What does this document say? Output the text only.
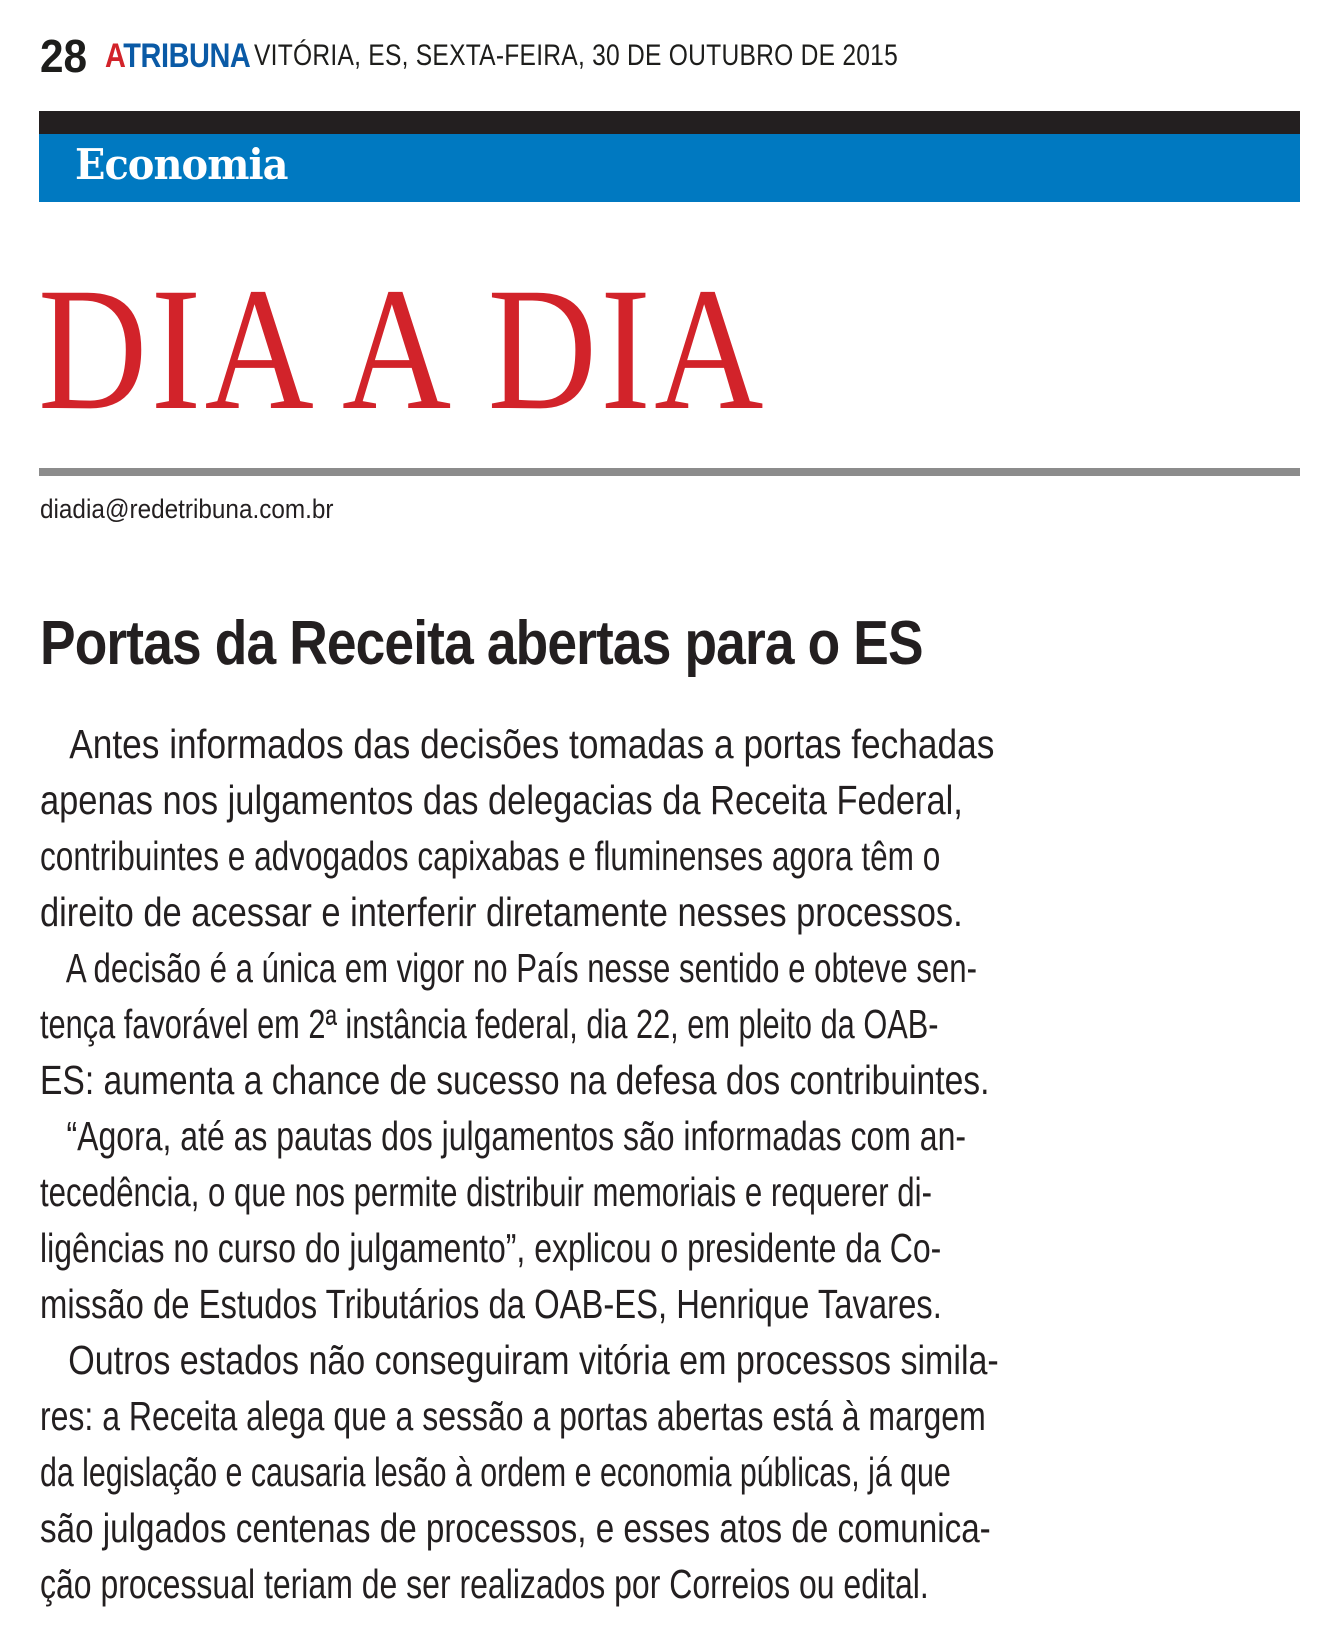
28 ATRIBUNA VITÓRIA, ES, SEXTA-FEIRA, 30 DE OUTUBRO DE 2015
Economia
DIA A DIA
diadia@redetribuna.com.br
Portas da Receita abertas para o ES
Antes informados das decisões tomadas a portas fechadas
apenas nos julgamentos das delegacias da Receita Federal,
contribuintes e advogados capixabas e fluminenses agora têm o
direito de acessar e interferir diretamente nesses processos.
A decisão é a única em vigor no País nesse sentido e obteve sen-
tença favorável em 2ª instância federal, dia 22, em pleito da OAB-
ES: aumenta a chance de sucesso na defesa dos contribuintes.
“Agora, até as pautas dos julgamentos são informadas com an-
tecedência, o que nos permite distribuir memoriais e requerer di-
ligências no curso do julgamento”, explicou o presidente da Co-
missão de Estudos Tributários da OAB-ES, Henrique Tavares.
Outros estados não conseguiram vitória em processos simila-
res: a Receita alega que a sessão a portas abertas está à margem
da legislação e causaria lesão à ordem e economia públicas, já que
são julgados centenas de processos, e esses atos de comunica-
ção processual teriam de ser realizados por Correios ou edital.
